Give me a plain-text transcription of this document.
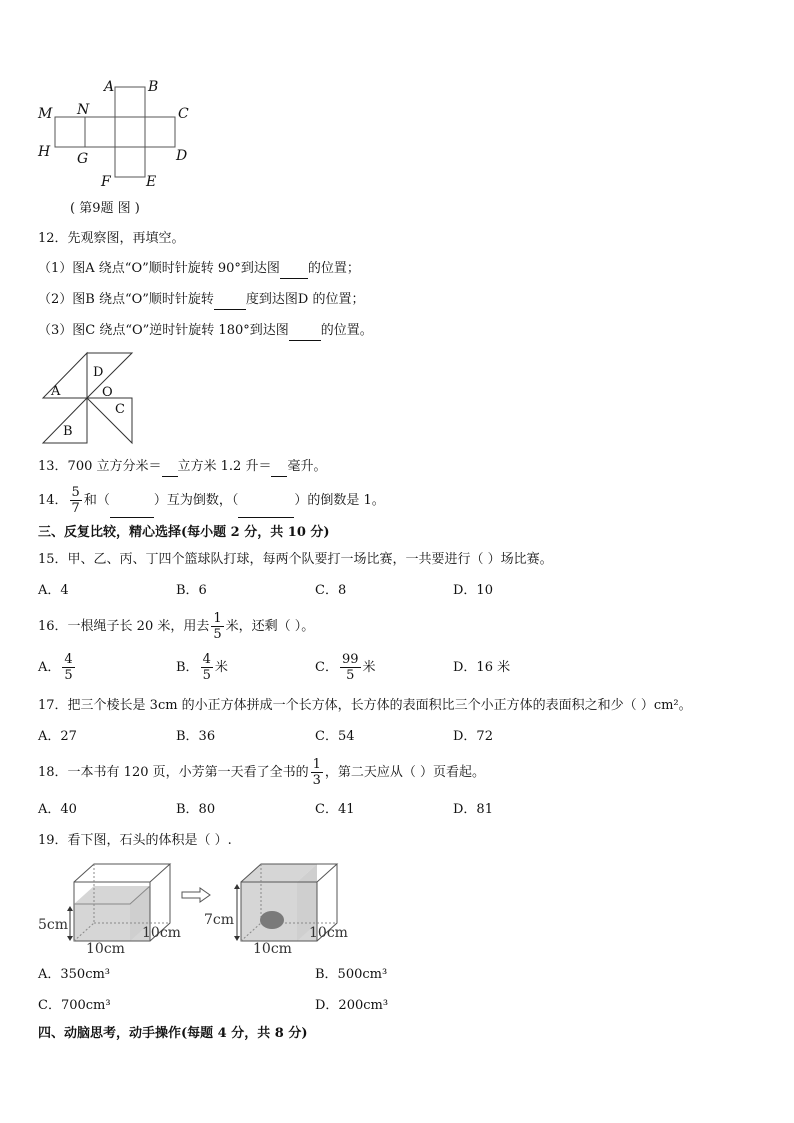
A B
M N	C
H G	D
F	E
( 第9题 图 )
12．先观察图，再填空。
（1）图A 绕点“O”顺时针旋转 90°到达图 的位置；
（2）图B 绕点“O”顺时针旋转 度到达图D 的位置；
（3）图C 绕点“O”逆时针旋转 180°到达图 的位置。
A
B
C
D
O
13．700 立方分米＝ 立方米 1.2 升＝ 毫升。
14． $\frac{5}{7}$ 和（	）互为倒数，（	）的倒数是 1。
三、反复比较，精心选择(每小题 2 分，共 10 分)
15．甲、乙、丙、丁四个篮球队打球，每两个队要打一场比赛，一共要进行（ ）场比赛。
A．4	B．6	C．8	D．10
16．一根绳子长 20 米，用去 $\frac{1}{5}$ 米，还剩（ ）。
A． $\frac{4}{5}$	B． $\frac{4}{5}$ 米	C． $\frac{99}{5}$ 米	D．16 米
17．把三个棱长是 3cm 的小正方体拼成一个长方体，长方体的表面积比三个小正方体的表面积之和少（ ）cm²。
A．27	B．36	C．54	D．72
18．一本书有 120 页，小芳第一天看了全书的 $\frac{1}{3}$ ，第二天应从（ ）页看起。
A．40	B．80	C．41	D．81
19．看下图，石头的体积是（ ）.
5cm
10cm
10cm
7cm
10cm
10cm
A．350cm³	B．500cm³
C．700cm³	D．200cm³
四、动脑思考，动手操作(每题 4 分，共 8 分)
